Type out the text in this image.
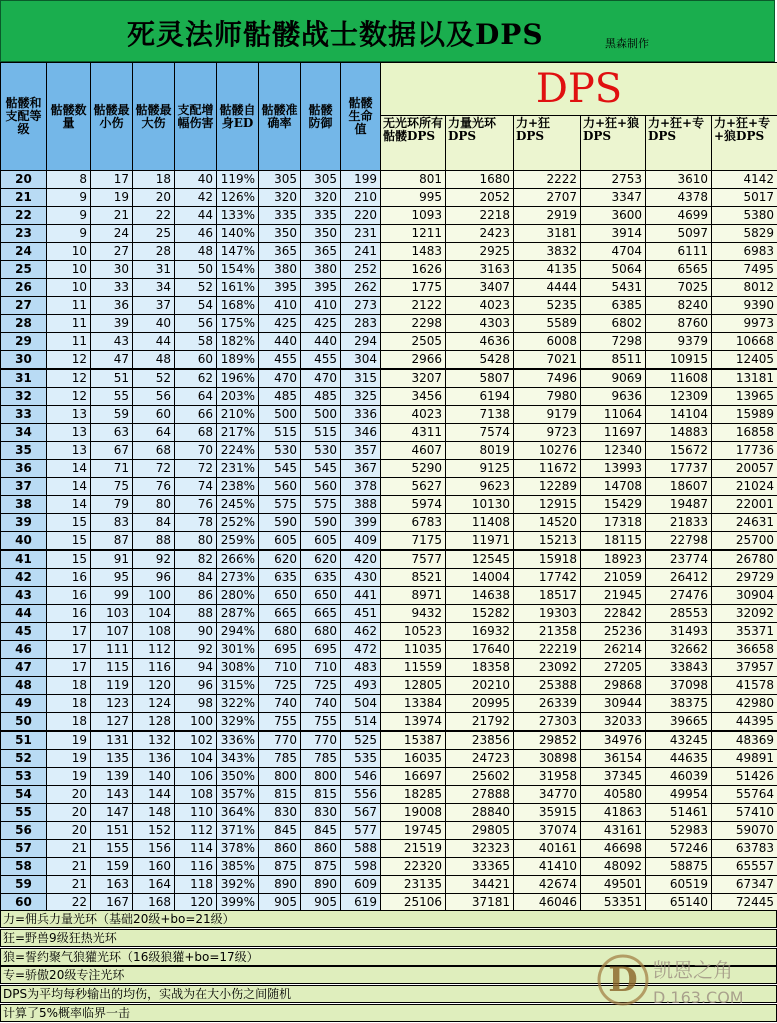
死灵法师骷髅战士数据以及DPS	黑森制作
骷髅和支配等级	骷髅数量	骷髅最小伤	骷髅最大伤	支配增幅伤害	骷髅自身ED	骷髅准确率	骷髅防御	骷髅生命值	DPS					
									无光环所有骷髅DPS	力量光环DPS	力+狂DPS	力+狂+狼DPS	力+狂+专DPS	力+狂+专+狼DPS
20	8	17	18	40	119%	305	305	199	801	1680	2222	2753	3610	4142
21	9	19	20	42	126%	320	320	210	995	2052	2707	3347	4378	5017
22	9	21	22	44	133%	335	335	220	1093	2218	2919	3600	4699	5380
23	9	24	25	46	140%	350	350	231	1211	2423	3181	3914	5097	5829
24	10	27	28	48	147%	365	365	241	1483	2925	3832	4704	6111	6983
25	10	30	31	50	154%	380	380	252	1626	3163	4135	5064	6565	7495
26	10	33	34	52	161%	395	395	262	1775	3407	4444	5431	7025	8012
27	11	36	37	54	168%	410	410	273	2122	4023	5235	6385	8240	9390
28	11	39	40	56	175%	425	425	283	2298	4303	5589	6802	8760	9973
29	11	43	44	58	182%	440	440	294	2505	4636	6008	7298	9379	10668
30	12	47	48	60	189%	455	455	304	2966	5428	7021	8511	10915	12405
31	12	51	52	62	196%	470	470	315	3207	5807	7496	9069	11608	13181
32	12	55	56	64	203%	485	485	325	3456	6194	7980	9636	12309	13965
33	13	59	60	66	210%	500	500	336	4023	7138	9179	11064	14104	15989
34	13	63	64	68	217%	515	515	346	4311	7574	9723	11697	14883	16858
35	13	67	68	70	224%	530	530	357	4607	8019	10276	12340	15672	17736
36	14	71	72	72	231%	545	545	367	5290	9125	11672	13993	17737	20057
37	14	75	76	74	238%	560	560	378	5627	9623	12289	14708	18607	21024
38	14	79	80	76	245%	575	575	388	5974	10130	12915	15429	19487	22001
39	15	83	84	78	252%	590	590	399	6783	11408	14520	17318	21833	24631
40	15	87	88	80	259%	605	605	409	7175	11971	15213	18115	22798	25700
41	15	91	92	82	266%	620	620	420	7577	12545	15918	18923	23774	26780
42	16	95	96	84	273%	635	635	430	8521	14004	17742	21059	26412	29729
43	16	99	100	86	280%	650	650	441	8971	14638	18517	21945	27476	30904
44	16	103	104	88	287%	665	665	451	9432	15282	19303	22842	28553	32092
45	17	107	108	90	294%	680	680	462	10523	16932	21358	25236	31493	35371
46	17	111	112	92	301%	695	695	472	11035	17640	22219	26214	32662	36658
47	17	115	116	94	308%	710	710	483	11559	18358	23092	27205	33843	37957
48	18	119	120	96	315%	725	725	493	12805	20210	25388	29868	37098	41578
49	18	123	124	98	322%	740	740	504	13384	20995	26339	30944	38375	42980
50	18	127	128	100	329%	755	755	514	13974	21792	27303	32033	39665	44395
51	19	131	132	102	336%	770	770	525	15387	23856	29852	34976	43245	48369
52	19	135	136	104	343%	785	785	535	16035	24723	30898	36154	44635	49891
53	19	139	140	106	350%	800	800	546	16697	25602	31958	37345	46039	51426
54	20	143	144	108	357%	815	815	556	18285	27888	34770	40580	49954	55764
55	20	147	148	110	364%	830	830	567	19008	28840	35915	41863	51461	57410
56	20	151	152	112	371%	845	845	577	19745	29805	37074	43161	52983	59070
57	21	155	156	114	378%	860	860	588	21519	32323	40161	46698	57246	63783
58	21	159	160	116	385%	875	875	598	22320	33365	41410	48092	58875	65557
59	21	163	164	118	392%	890	890	609	23135	34421	42674	49501	60519	67347
60	22	167	168	120	399%	905	905	619	25106	37181	46046	53351	65140	72445
力=佣兵力量光环（基础20级+bo=21级）
狂=野兽9级狂热光环
狼=誓约聚气狼獾光环（16级狼獾+bo=17级）
专=骄傲20级专注光环
DPS为平均每秒输出的均伤，实战为在大小伤之间随机
计算了5%概率临界一击
D 凯恩之角
D.163.COM
